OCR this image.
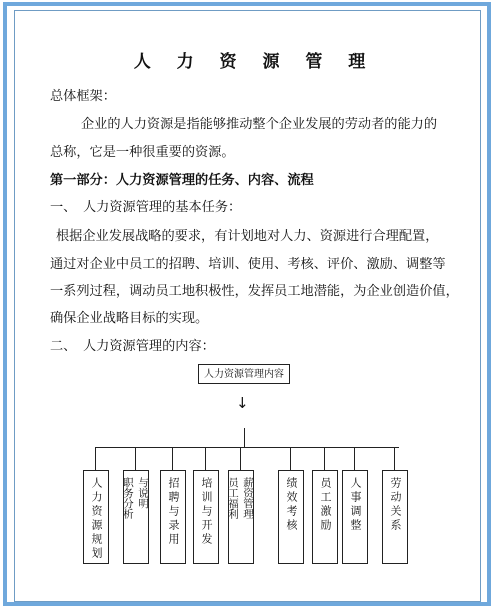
人 力 资 源 管 理
总体框架：
企业的人力资源是指能够推动整个企业发展的劳动者的能力的
总称，它是一种很重要的资源。
第一部分：人力资源管理的任务、内容、流程
一、　人力资源管理的基本任务：
根据企业发展战略的要求，有计划地对人力、资源进行合理配置，
通过对企业中员工的招聘、培训、使用、考核、评价、激励、调整等
一系列过程，调动员工地积极性，发挥员工地潜能，为企业创造价值，
确保企业战略目标的实现。
二、　人力资源管理的内容：
人力资源管理内容
↓
人力资源规划 职务分析 与说明 招聘与录用 培训与开发 员工福利 薪资管理	绩效考核 员工激励 人事调整 劳动关系
